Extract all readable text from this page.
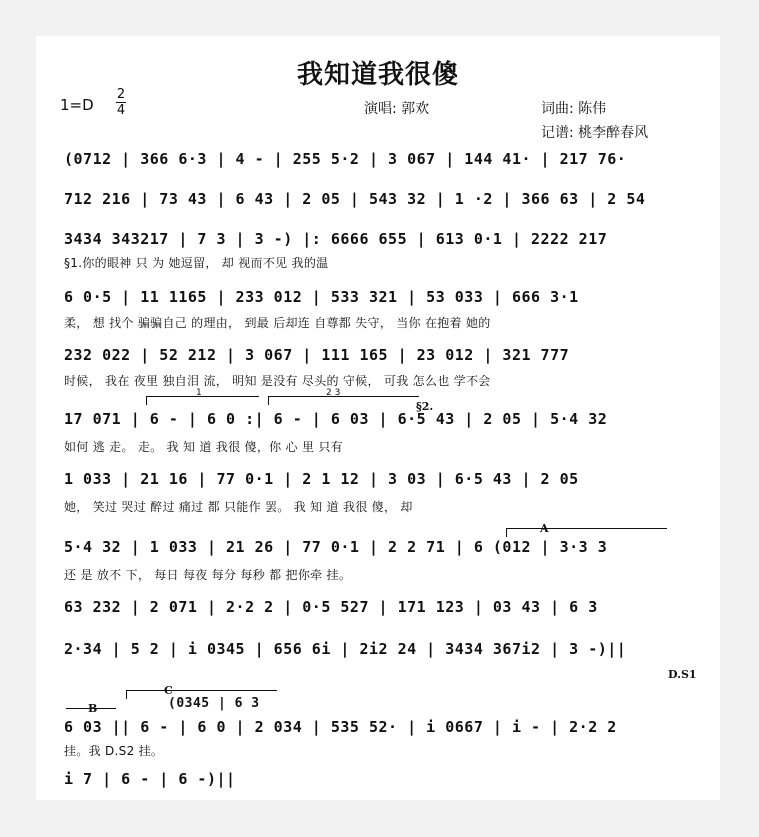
我知道我很傻
1=D
2
4	演唱: 郭欢	词曲: 陈伟
记谱: 桃李醉春风
(0712 | 366 6·3 | 4 - | 255 5·2 | 3 067 | 144 41· | 217 76·
712 216 | 73 43 | 6 43 | 2 05 | 543 32 | 1 ·2 | 366 63 | 2 54
3434 343217 | 7 3 | 3 -) |: 6666 655 | 613 0·1 | 2222 217
§1.你的眼神 只 为 她逗留， 却 视而不见 我的温
6 0·5 | 11 1165 | 233 012 | 533 321 | 53 033 | 666 3·1
柔， 想 找个 骗骗自己 的理由， 到最 后却连 自尊都 失守， 当你 在抱着 她的
232 022 | 52 212 | 3 067 | 111 165 | 23 012 | 321 777
时候， 我在 夜里 独自泪 流， 明知 是没有 尽头的 守候， 可我 怎么也 学不会
1	2 3
§2.
17 071 | 6 - | 6 0 :| 6 - | 6 03 | 6·5 43 | 2 05 | 5·4 32
如何 逃 走。 走。 我 知 道 我很 傻，你 心 里 只有
1 033 | 21 16 | 77 0·1 | 2 1 12 | 3 03 | 6·5 43 | 2 05
她， 笑过 哭过 醉过 痛过 都 只能作 罢。 我 知 道 我很 傻， 却
A
5·4 32 | 1 033 | 21 26 | 77 0·1 | 2 2 71 | 6 (012 | 3·3 3
还 是 放不 下， 每日 每夜 每分 每秒 都 把你牵 挂。
63 232 | 2 071 | 2·2 2 | 0·5 527 | 171 123 | 03 43 | 6 3
2·34 | 5 2 | i 0345 | 656 6i | 2i2 24 | 3434 367i2 | 3 -)||
D.S1
C
(0345 | 6 3
B
6 03 || 6 - | 6 0 | 2 034 | 535 52· | i 0667 | i - | 2·2 2
挂。我 D.S2 挂。
i 7 | 6 - | 6 -)||
